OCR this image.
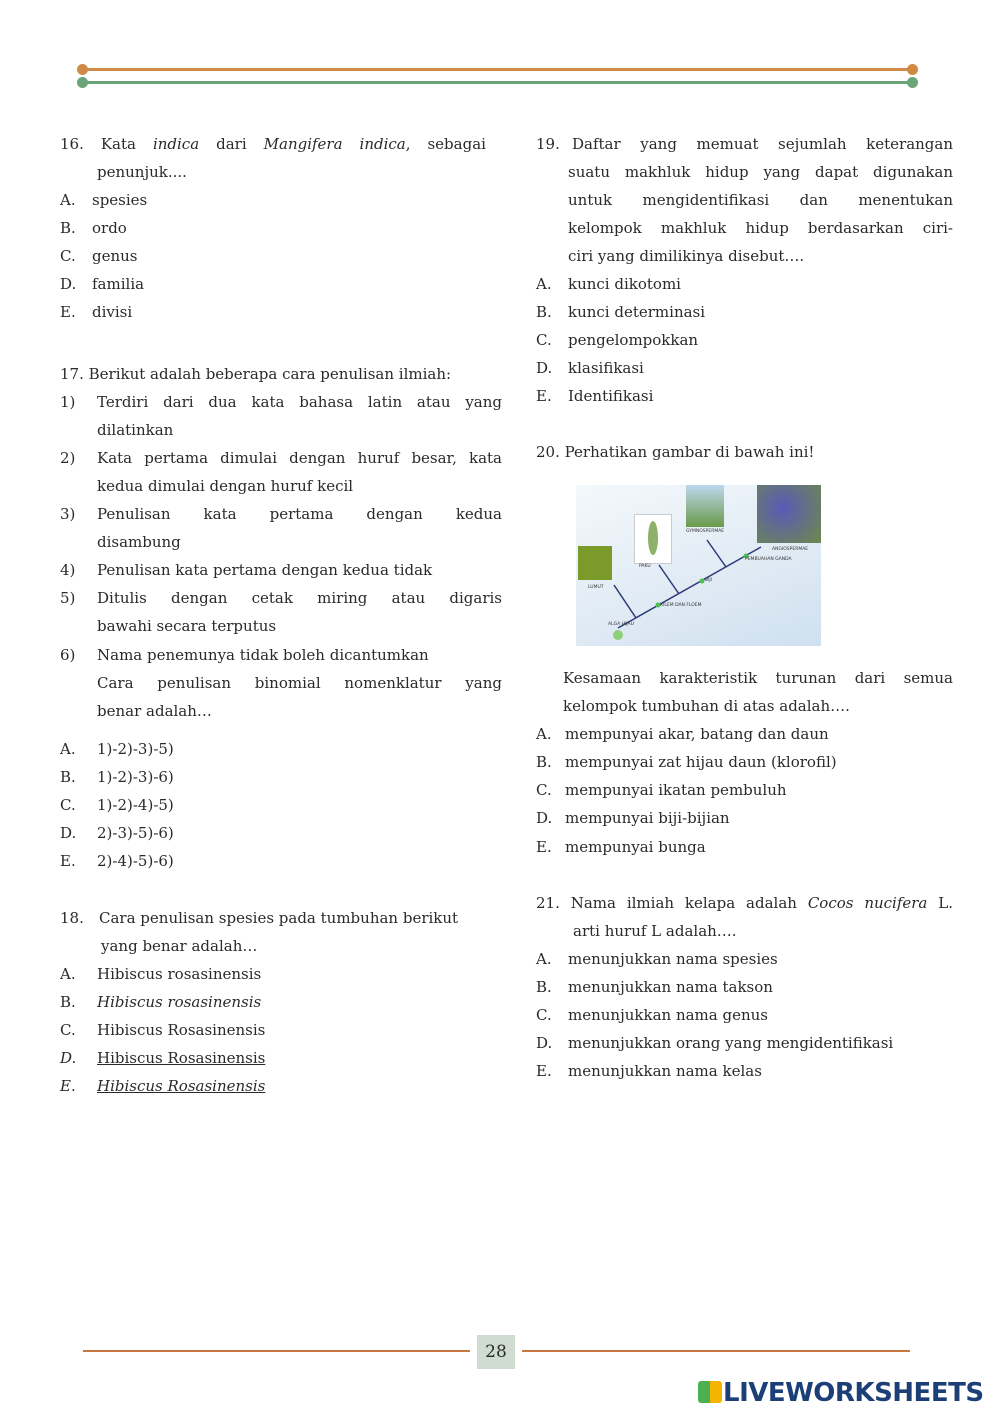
16. Kata indica dari Mangifera indica, sebagai
penunjuk....
A. spesies
B. ordo
C. genus
D. familia
E. divisi
17. Berikut adalah beberapa cara penulisan ilmiah:
1) Terdiri dari dua kata bahasa latin atau yang
dilatinkan
2) Kata pertama dimulai dengan huruf besar, kata
kedua dimulai dengan huruf kecil
3) Penulisan kata pertama dengan kedua
disambung
4) Penulisan kata pertama dengan kedua tidak
5) Ditulis dengan cetak miring atau digaris
bawahi secara terputus
6) Nama penemunya tidak boleh dicantumkan
Cara penulisan binomial nomenklatur yang
benar adalah…
A. 1)-2)-3)-5)
B. 1)-2)-3)-6)
C. 1)-2)-4)-5)
D. 2)-3)-5)-6)
E. 2)-4)-5)-6)
18. Cara penulisan spesies pada tumbuhan berikut
yang benar adalah…
A. Hibiscus rosasinensis
B. Hibiscus rosasinensis
C. Hibiscus Rosasinensis
D. Hibiscus Rosasinensis
E. Hibiscus Rosasinensis
19. Daftar yang memuat sejumlah keterangan
suatu makhluk hidup yang dapat digunakan
untuk mengidentifikasi dan menentukan
kelompok makhluk hidup berdasarkan ciri-
ciri yang dimilikinya disebut….
A. kunci dikotomi
B. kunci determinasi
C. pengelompokkan
D. klasifikasi
E. Identifikasi
20. Perhatikan gambar di bawah ini!
LUMUT
PAKU
GYMNOSPERMAE
ANGIOSPERMAE
PEMBUAHAN GANDA
BIJI
XILEM DAN FLOEM
ALGA HIJAU
Kesamaan karakteristik turunan dari semua
kelompok tumbuhan di atas adalah….
A. mempunyai akar, batang dan daun
B. mempunyai zat hijau daun (klorofil)
C. mempunyai ikatan pembuluh
D. mempunyai biji-bijian
E. mempunyai bunga
21. Nama ilmiah kelapa adalah Cocos nucifera L.
arti huruf L adalah….
A. menunjukkan nama spesies
B. menunjukkan nama takson
C. menunjukkan nama genus
D. menunjukkan orang yang mengidentifikasi
E. menunjukkan nama kelas
28
LIVEWORKSHEETS
